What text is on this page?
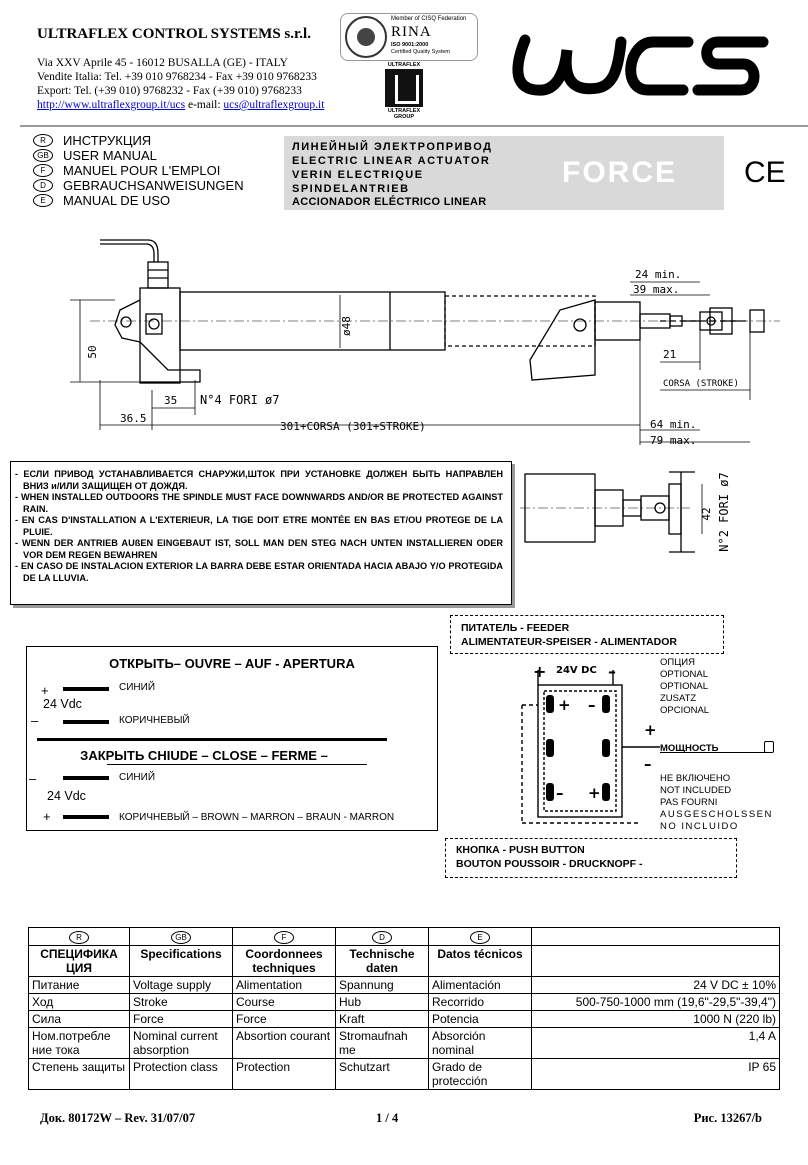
ULTRAFLEX CONTROL SYSTEMS s.r.l.
Via XXV Aprile 45 - 16012 BUSALLA (GE) - ITALY
Vendite Italia: Tel. +39 010 9768234 - Fax +39 010 9768233
Export: Tel. (+39 010) 9768232 - Fax (+39 010) 9768233
http://www.ultraflexgroup.it/ucs e-mail: ucs@ultraflexgroup.it
Member of CISQ Federation
RINA
ISO 9001:2000
Certified Quality System
ULTRAFLEX
ULTRAFLEX GROUP
R	ИНСТРУКЦИЯ
GB	USER MANUAL
F	MANUEL POUR L'EMPLOI
D	GEBRAUCHSANWEISUNGEN
E	MANUAL DE USO
ЛИНЕЙНЫЙ ЭЛЕКТРОПРИВОД
ELECTRIC LINEAR ACTUATOR
VERIN ELECTRIQUE
SPINDELANTRIEB
ACCIONADOR ELÉCTRICO LINEAR
FORCE CE
24 min.
39 max.
ø48
50	21
CORSA (STROKE)
35 N°4 FORI ø7
36.5
301+CORSA (301+STROKE)	64 min.
79 max.

- ЕСЛИ ПРИВОД УСТАНАВЛИВАЕТСЯ СНАРУЖИ,ШТОК ПРИ УСТАНОВКЕ ДОЛЖЕН БЫТЬ НАПРАВЛЕН ВНИЗ и/ИЛИ ЗАЩИЩЕН ОТ ДОЖДЯ.

- WHEN INSTALLED OUTDOORS THE SPINDLE MUST FACE DOWNWARDS AND/OR BE PROTECTED AGAINST RAIN.

- EN CAS D'INSTALLATION A L'EXTERIEUR, LA TIGE DOIT ETRE MONTÉE EN BAS ET/OU PROTEGE DE LA PLUIE.

- WENN DER ANTRIEB AUßEN EINGEBAUT IST, SOLL MAN DEN STEG NACH UNTEN INSTALLIEREN ODER VOR DEM REGEN BEWAHREN

- EN CASO DE INSTALACION EXTERIOR LA BARRA DEBE ESTAR ORIENTADA HACIA ABAJO Y/O PROTEGIDA DE LA LLUVIA.

42 N°2 FORI ø7
ОТКРЫТЬ– OUVRE – AUF - APERTURA
+	СИНИЙ
24 Vdc
–	КОРИЧНЕВЫЙ
ЗАКРЫТЬ CHIUDE – CLOSE – FERME –
–	СИНИЙ
24 Vdc
+	КОРИЧНЕВЫЙ – BROWN – MARRON – BRAUN - MARRON
ПИТАТЕЛЬ - FEEDER
ALIMENTATEUR-SPEISER - ALIMENTADOR
+ 24V DC –
+ –
– +
+
–
ОПЦИЯ
OPTIONAL
OPTIONAL
ZUSATZ
OPCIONAL
МОЩНОСТЬ
НЕ ВКЛЮЧЕНО
NOT INCLUDED
PAS FOURNI
AUSGESCHOLSSEN
NO INCLUIDO
КНОПКА - PUSH BUTTON
BOUTON POUSSOIR - DRUCKNOPF -
R	GB	F	D	E	
СПЕЦИФИКА ЦИЯ	Specifications	Coordonnees techniques	Technische daten	Datos técnicos	
Питание	Voltage supply	Alimentation	Spannung	Alimentación	24 V DC ± 10%
Ход	Stroke	Course	Hub	Recorrido	500-750-1000 mm (19,6"-29,5"-39,4")
Сила	Force	Force	Kraft	Potencia	1000 N (220 lb)
Ном.потребле ние тока	Nominal current absorption	Absortion courant	Stromaufnah me	Absorción nominal	1,4 A
Степень защиты	Protection class	Protection	Schutzart	Grado de protección	IP 65
Док. 80172W – Rev. 31/07/07	1 / 4	Рис. 13267/b
